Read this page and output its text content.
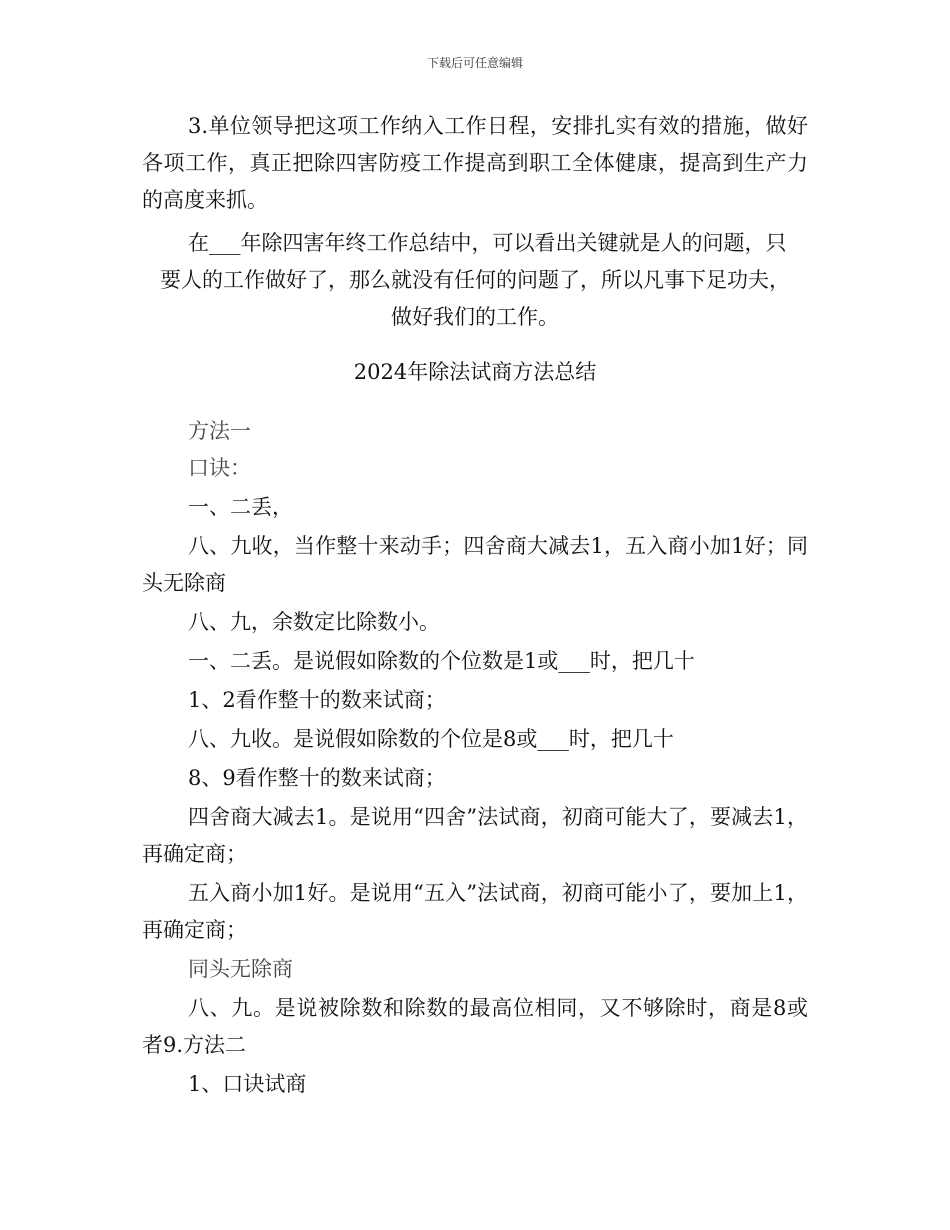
下载后可任意编辑

3.单位领导把这项工作纳入工作日程，安排扎实有效的措施，做好各项工作，真正把除四害防疫工作提高到职工全体健康，提高到生产力的高度来抓。

在___年除四害年终工作总结中，可以看出关键就是人的问题，只

要人的工作做好了，那么就没有任何的问题了，所以凡事下足功夫，

做好我们的工作。

2024年除法试商方法总结

方法一

口诀：

一、二丢，

八、九收，当作整十来动手；四舍商大减去1，五入商小加1好；同头无除商

八、九，余数定比除数小。

一、二丢。是说假如除数的个位数是1或___时，把几十

1、2看作整十的数来试商；

八、九收。是说假如除数的个位是8或___时，把几十

8、9看作整十的数来试商；

四舍商大减去1。是说用“四舍”法试商，初商可能大了，要减去1，再确定商；

五入商小加1好。是说用“五入”法试商，初商可能小了，要加上1，再确定商；

同头无除商

八、九。是说被除数和除数的最高位相同，又不够除时，商是8或者9.方法二

1、口诀试商
